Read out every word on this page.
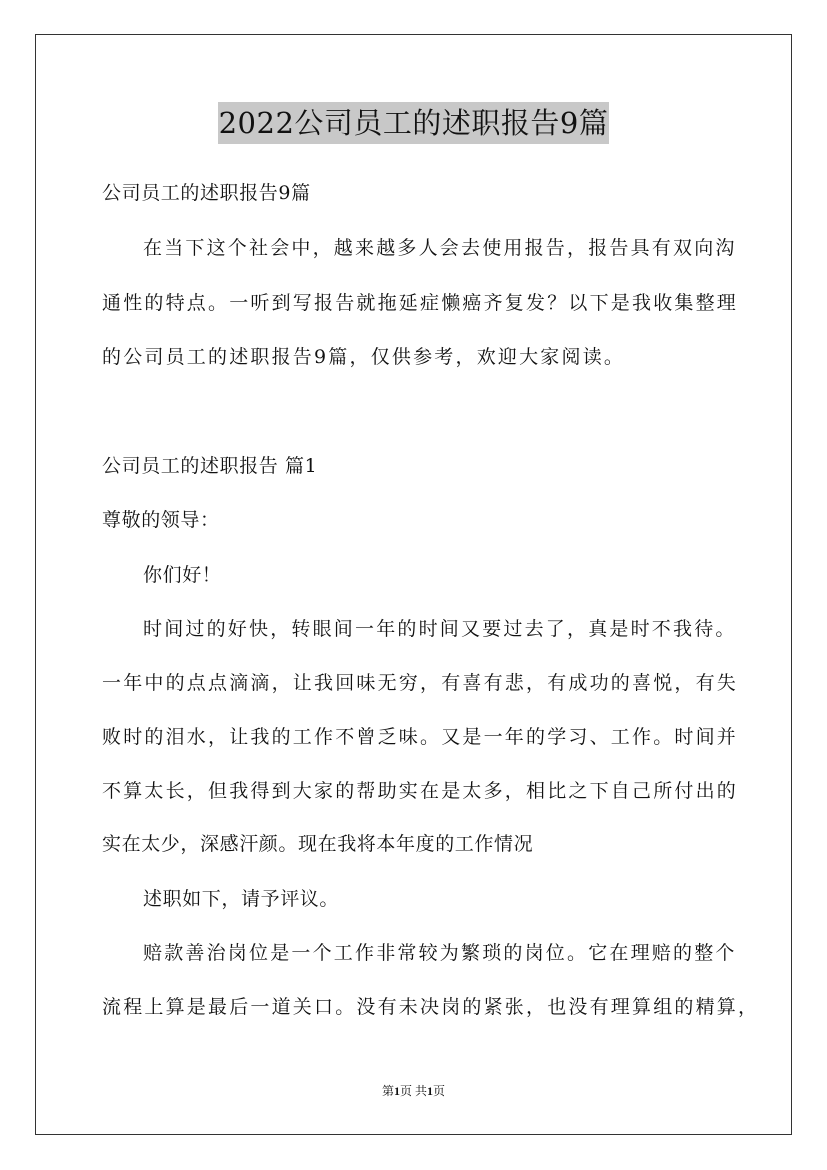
2022公司员工的述职报告9篇
公司员工的述职报告9篇
在当下这个社会中，越来越多人会去使用报告，报告具有双向沟
通性的特点。一听到写报告就拖延症懒癌齐复发？以下是我收集整理
的公司员工的述职报告9篇，仅供参考，欢迎大家阅读。
公司员工的述职报告 篇1
尊敬的领导：
你们好！
时间过的好快，转眼间一年的时间又要过去了，真是时不我待。
一年中的点点滴滴，让我回味无穷，有喜有悲，有成功的喜悦，有失
败时的泪水，让我的工作不曾乏味。又是一年的学习、工作。时间并
不算太长，但我得到大家的帮助实在是太多，相比之下自己所付出的
实在太少，深感汗颜。现在我将本年度的工作情况
述职如下，请予评议。
赔款善治岗位是一个工作非常较为繁琐的岗位。它在理赔的整个
流程上算是最后一道关口。没有未决岗的紧张，也没有理算组的精算，
第1页 共1页
